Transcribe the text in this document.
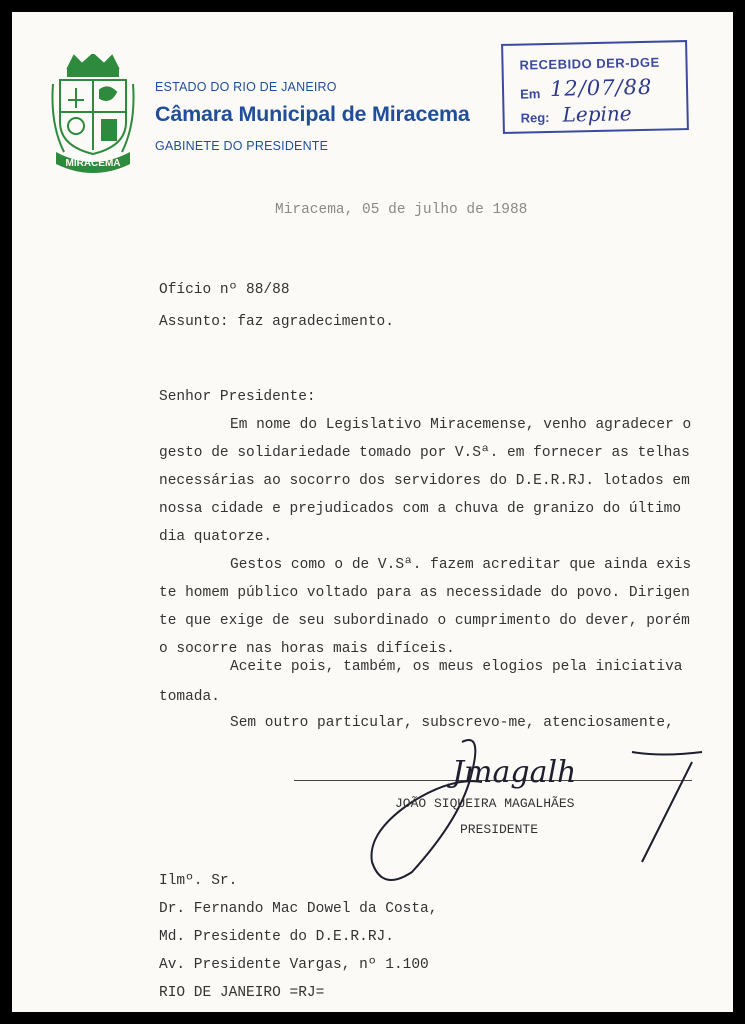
MIRACEMA
ESTADO DO RIO DE JANEIRO
Câmara Municipal de Miracema
GABINETE DO PRESIDENTE
RECEBIDO DER-DGE
Em 12/07/88
Reg: Lepine
Miracema, 05 de julho de 1988
Ofício nº 88/88
Assunto: faz agradecimento.
Senhor Presidente:
Em nome do Legislativo Miracemense, venho agradecer o
gesto de solidariedade tomado por V.Sª. em fornecer as telhas
necessárias ao socorro dos servidores do D.E.R.RJ. lotados em
nossa cidade e prejudicados com a chuva de granizo do último
dia quatorze.
Gestos como o de V.Sª. fazem acreditar que ainda exis
te homem público voltado para as necessidade do povo. Dirigen
te que exige de seu subordinado o cumprimento do dever, porém
o socorre nas horas mais difíceis.
Aceite pois, também, os meus elogios pela iniciativa
tomada.
Sem outro particular, subscrevo-me, atenciosamente,
Jmagalh
JOÃO SIQUEIRA MAGALHÃES
PRESIDENTE
Ilmº. Sr.
Dr. Fernando Mac Dowel da Costa,
Md. Presidente do D.E.R.RJ.
Av. Presidente Vargas, nº 1.100
RIO DE JANEIRO =RJ=
